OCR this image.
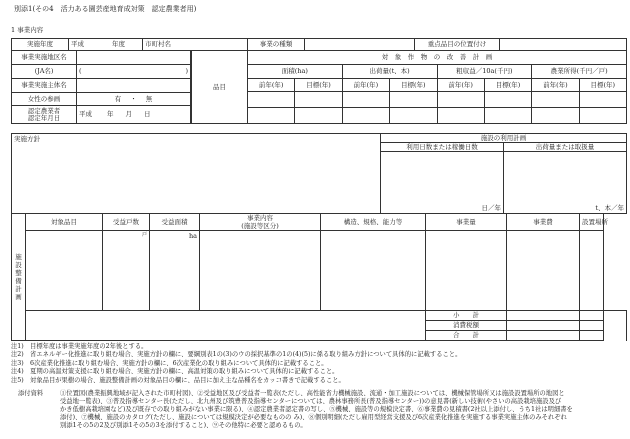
別添1(その4　活力ある園芸産地育成対策　認定農業者用)
1 事業内容
実施年度	平成	年度	市町村名	事業の種類		重点品目の位置付け	
事業実施地区名	
(JA名)	( )

事業実施主体名	
女性の参画	有 ・ 無

認定農業者
認定年月日	平成 年 月 日
品目	対　象　作　物　の　改　善　計　画							
	面積(ha)		出荷量(t、本)		粗収益／10a(千円)		農業所得(千円／戸)	
	前年(年)	目標(年)	前年(年)	目標(年)	前年(年)	目標(年)	前年(年)	目標(年)

実施方針	施設の利用計画	
	利用日数または稼働日数	出荷量または取扱量
	日／年	t、本／年
施設整備計画	対象品目	受益戸数	受益面積	事業内容
(施設等区分)	構造、規格、能力等	事業量	事業費	設置場所	
		$^戸$	ha						
						小　　計			
						消費税額			
						合　　計			
注1)　目標年度は事業実施年度の2年後とする。
注2)　省エネルギー化推進に取り組む場合、実施方針の欄に、要綱別表1の(3)のウの採択基準の1の(4)(5)に係る取り組み方針について具体的に記載すること。
注3)　6次産業化推進に取り組む場合、実施方針の欄に、6次産業化の取り組みについて具体的に記載すること。
注4)　夏期の高温対策支援に取り組む場合、実施方針の欄に、高温対策の取り組みについて具体的に記載すること。
注5)　対象品目が果樹の場合、施設整備計画の対象品目の欄に、品目に加え主な品種名をカッコ書きで記載すること。
添付資料	①位置図(農業振興地域が記入された市町村図)、②受益地区及び受益者一覧表(ただし、高性能省力機械施設、流通・加工施設については、機械保管場所又は施設設置場所の地図と
受益地一覧表)、③普及指導センター長(ただし、北九州及び筑豊普及指導センターについては、農林事務所長(普及指導センター))の意見書(新しい技術(やさいの高設栽培施設及び
かき低樹高栽培園など)及び既存での取り組みがない事業に限る)、④認定農業者認定書の写し、⑤機械、施設等の規模決定書、⑥事業費の見積書(2社以上添付し、うち1社は明細書を
添付)、⑦機械、施設のカタログ(ただし、施設については規模決定が必要なものの み)、⑧個別明細(ただし雇用型経営支援及び6次産業化推進を実施する事業実施主体のみそれぞれ
別添1その5の2及び別添1その5の3を添付すること)、⑨その他特に必要と認めるもの。
